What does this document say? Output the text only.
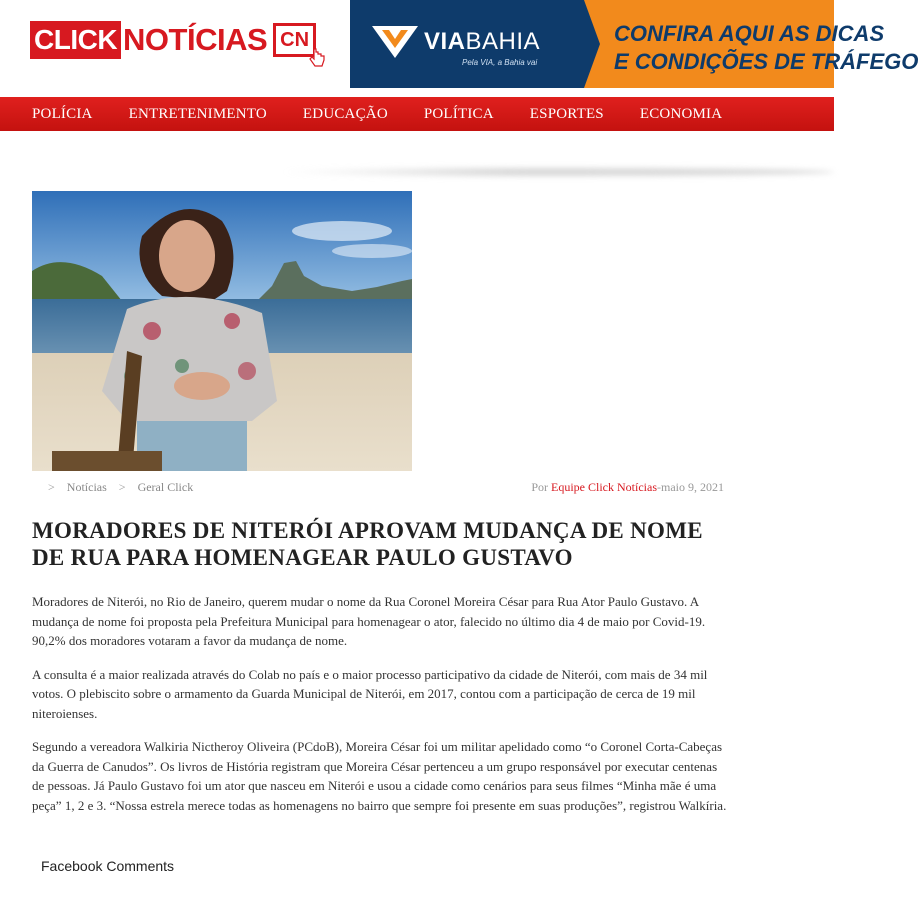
CLICK NOTÍCIAS CN	VIABAHIA
Pela VIA, a Bahia vai
CONFIRA AQUI AS DICAS
E CONDIÇÕES DE TRÁFEGO
POLÍCIA ENTRETENIMENTO EDUCAÇÃO POLÍTICA ESPORTES ECONOMIA
> Notícias > Geral Click	Por Equipe Click Notícias-maio 9, 2021
MORADORES DE NITERÓI APROVAM MUDANÇA DE NOME DE RUA PARA HOMENAGEAR PAULO GUSTAVO

Moradores de Niterói, no Rio de Janeiro, querem mudar o nome da Rua Coronel Moreira César para Rua Ator Paulo Gustavo. A mudança de nome foi proposta pela Prefeitura Municipal para homenagear o ator, falecido no último dia 4 de maio por Covid-19. 90,2% dos moradores votaram a favor da mudança de nome.

A consulta é a maior realizada através do Colab no país e o maior processo participativo da cidade de Niterói, com mais de 34 mil votos. O plebiscito sobre o armamento da Guarda Municipal de Niterói, em 2017, contou com a participação de cerca de 19 mil niteroienses.

Segundo a vereadora Walkiria Nictheroy Oliveira (PCdoB), Moreira César foi um militar apelidado como “o Coronel Corta-Cabeças da Guerra de Canudos”. Os livros de História registram que Moreira César pertenceu a um grupo responsável por executar centenas de pessoas. Já Paulo Gustavo foi um ator que nasceu em Niterói e usou a cidade como cenários para seus filmes “Minha mãe é uma peça” 1, 2 e 3. “Nossa estrela merece todas as homenagens no bairro que sempre foi presente em suas produções”, registrou Walkíria.

Facebook Comments
